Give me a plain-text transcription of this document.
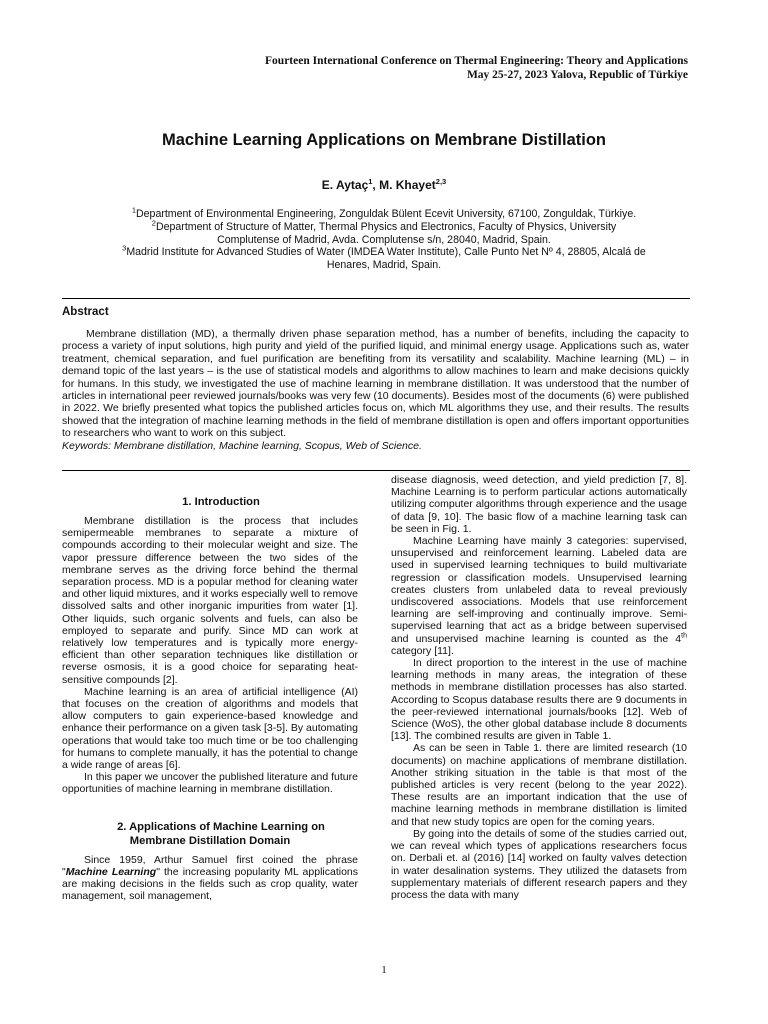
Fourteen International Conference on Thermal Engineering: Theory and Applications
May 25-27, 2023 Yalova, Republic of Türkiye
Machine Learning Applications on Membrane Distillation
E. Aytaç$^1$, M. Khayet$^{2,3}$

$^1$Department of Environmental Engineering, Zonguldak Bülent Ecevit University, 67100, Zonguldak, Türkiye.

$^2$Department of Structure of Matter, Thermal Physics and Electronics, Faculty of Physics, University Complutense of Madrid, Avda. Complutense s/n, 28040, Madrid, Spain.

$^3$Madrid Institute for Advanced Studies of Water (IMDEA Water Institute), Calle Punto Net Nº 4, 28805, Alcalá de Henares, Madrid, Spain.

Abstract

Membrane distillation (MD), a thermally driven phase separation method, has a number of benefits, including the capacity to process a variety of input solutions, high purity and yield of the purified liquid, and minimal energy usage. Applications such as, water treatment, chemical separation, and fuel purification are benefiting from its versatility and scalability. Machine learning (ML) – in demand topic of the last years – is the use of statistical models and algorithms to allow machines to learn and make decisions quickly for humans. In this study, we investigated the use of machine learning in membrane distillation. It was understood that the number of articles in international peer reviewed journals/books was very few (10 documents). Besides most of the documents (6) were published in 2022. We briefly presented what topics the published articles focus on, which ML algorithms they use, and their results. The results showed that the integration of machine learning methods in the field of membrane distillation is open and offers important opportunities to researchers who want to work on this subject.

Keywords: Membrane distillation, Machine learning, Scopus, Web of Science.

1. Introduction

Membrane distillation is the process that includes semipermeable membranes to separate a mixture of compounds according to their molecular weight and size. The vapor pressure difference between the two sides of the membrane serves as the driving force behind the thermal separation process. MD is a popular method for cleaning water and other liquid mixtures, and it works especially well to remove dissolved salts and other inorganic impurities from water [1]. Other liquids, such organic solvents and fuels, can also be employed to separate and purify. Since MD can work at relatively low temperatures and is typically more energy-efficient than other separation techniques like distillation or reverse osmosis, it is a good choice for separating heat-sensitive compounds [2].

Machine learning is an area of artificial intelligence (AI) that focuses on the creation of algorithms and models that allow computers to gain experience-based knowledge and enhance their performance on a given task [3-5]. By automating operations that would take too much time or be too challenging for humans to complete manually, it has the potential to change a wide range of areas [6].

In this paper we uncover the published literature and future opportunities of machine learning in membrane distillation.

2. Applications of Machine Learning on
Membrane Distillation Domain

Since 1959, Arthur Samuel first coined the phrase "Machine Learning" the increasing popularity ML applications are making decisions in the fields such as crop quality, water management, soil management,

disease diagnosis, weed detection, and yield prediction [7, 8]. Machine Learning is to perform particular actions automatically utilizing computer algorithms through experience and the usage of data [9, 10]. The basic flow of a machine learning task can be seen in Fig. 1.

Machine Learning have mainly 3 categories: supervised, unsupervised and reinforcement learning. Labeled data are used in supervised learning techniques to build multivariate regression or classification models. Unsupervised learning creates clusters from unlabeled data to reveal previously undiscovered associations. Models that use reinforcement learning are self-improving and continually improve. Semi-supervised learning that act as a bridge between supervised and unsupervised machine learning is counted as the 4th category [11].

In direct proportion to the interest in the use of machine learning methods in many areas, the integration of these methods in membrane distillation processes has also started. According to Scopus database results there are 9 documents in the peer-reviewed international journals/books [12]. Web of Science (WoS), the other global database include 8 documents [13]. The combined results are given in Table 1.

As can be seen in Table 1. there are limited research (10 documents) on machine applications of membrane distillation. Another striking situation in the table is that most of the published articles is very recent (belong to the year 2022). These results are an important indication that the use of machine learning methods in membrane distillation is limited and that new study topics are open for the coming years.

By going into the details of some of the studies carried out, we can reveal which types of applications researchers focus on. Derbali et. al (2016) [14] worked on faulty valves detection in water desalination systems. They utilized the datasets from supplementary materials of different research papers and they process the data with many

1
